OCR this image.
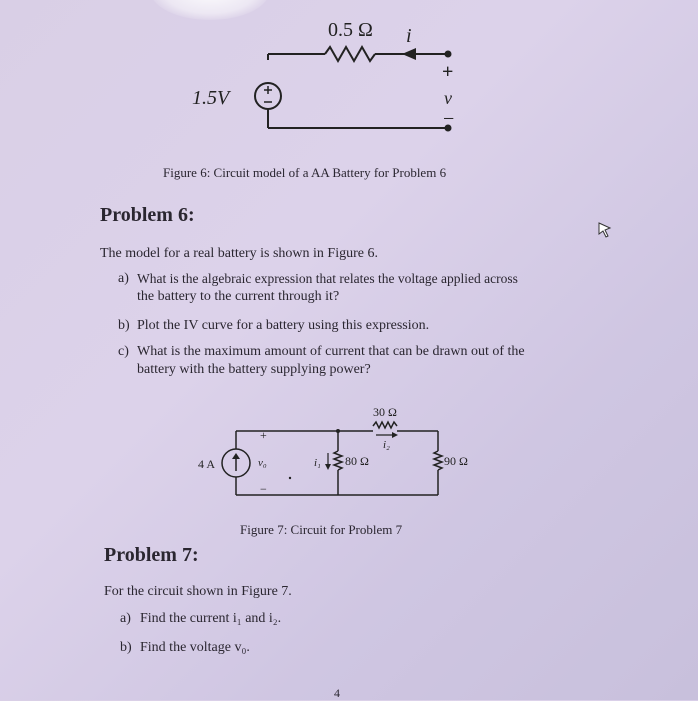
0.5 Ω i
1.5V
+
v
−
Figure 6: Circuit model of a AA Battery for Problem 6
Problem 6:
The model for a real battery is shown in Figure 6.
a) What is the algebraic expression that relates the voltage applied across
the battery to the current through it?
b) Plot the IV curve for a battery using this expression.
c) What is the maximum amount of current that can be drawn out of the
battery with the battery supplying power?
30 Ω
i₂
+
4 A	v₀
−
i₁ 80 Ω	90 Ω
Figure 7: Circuit for Problem 7
Problem 7:
For the circuit shown in Figure 7.
a) Find the current i₁ and i₂.
b) Find the voltage v₀.
4
